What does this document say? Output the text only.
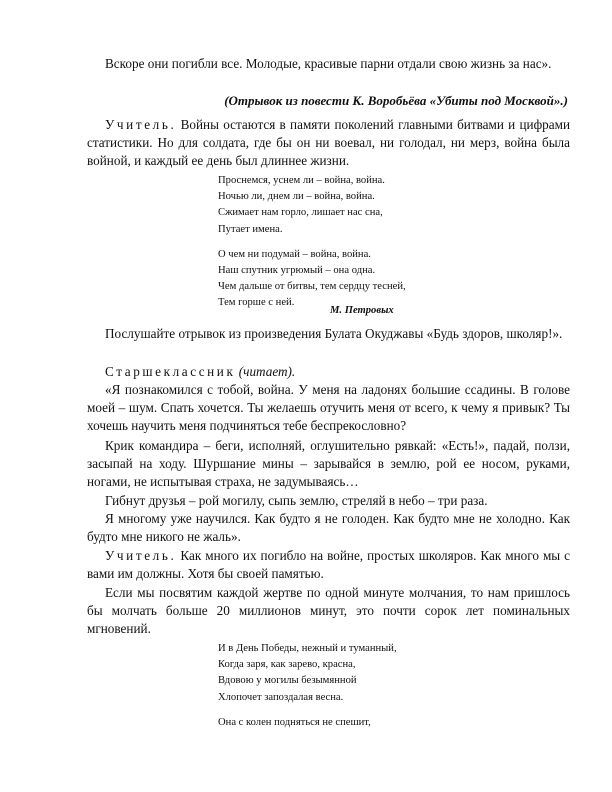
Вскоре они погибли все. Молодые, красивые парни отдали свою жизнь за нас».
(Отрывок из повести К. Воробьёва «Убиты под Москвой».)
Учитель. Войны остаются в памяти поколений главными битвами и цифрами статистики. Но для солдата, где бы он ни воевал, ни голодал, ни мерз, война была войной, и каждый ее день был длиннее жизни.
Проснемся, уснем ли – война, война.
Ночью ли, днем ли – война, война.
Сжимает нам горло, лишает нас сна,
Путает имена.
О чем ни подумай – война, война.
Наш спутник угрюмый – она одна.
Чем дальше от битвы, тем сердцу тесней,
Тем горше с ней.
М. Петровых
Послушайте отрывок из произведения Булата Окуджавы «Будь здоров, школяр!».
Старшеклассник (читает).
«Я познакомился с тобой, война. У меня на ладонях большие ссадины. В голове моей – шум. Спать хочется. Ты желаешь отучить меня от всего, к чему я привык? Ты хочешь научить меня подчиняться тебе беспрекословно?
Крик командира – беги, исполняй, оглушительно рявкай: «Есть!», падай, ползи, засыпай на ходу. Шуршание мины – зарывайся в землю, рой ее носом, руками, ногами, не испытывая страха, не задумываясь…
Гибнут друзья – рой могилу, сыпь землю, стреляй в небо – три раза.
Я многому уже научился. Как будто я не голоден. Как будто мне не холодно. Как будто мне никого не жаль».
Учитель. Как много их погибло на войне, простых школяров. Как много мы с вами им должны. Хотя бы своей памятью.
Если мы посвятим каждой жертве по одной минуте молчания, то нам пришлось бы молчать больше 20 миллионов минут, это почти сорок лет поминальных мгновений.
И в День Победы, нежный и туманный,
Когда заря, как зарево, красна,
Вдовою у могилы безымянной
Хлопочет запоздалая весна.
Она с колен подняться не спешит,
